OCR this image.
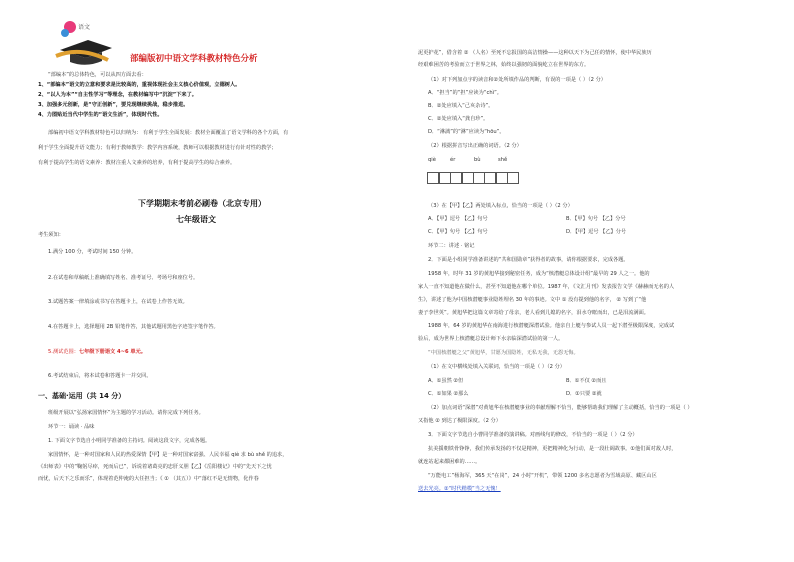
语文
部编版初中语文学科教材特色分析
“部编本”的总体特色，可以从四方面去看：
1、“部编本”语文的立意和要求是比较高的，重视体现社会主义核心价值观，立德树人。
2、“以人为本”“自主性学习”等理念，在教材编写中“沉淀”下来了。
3、加强多元创新，是“守正创新”，要兑现继续挑战，稳步推进。
4、力图贴近当代中学生的“语文生活”，体现时代性。
部编初中语文学科教材特色可以归纳为： 有利于学生全面发展：教材全面覆盖了语文学科的各个方面，有
利于学生全面提升语文能力；有利于教师教学：教学内容系统，教师可以根据教材进行有针对性的教学；
有利于提高学生的语文素养：教材注重人文素养的培养，有利于提高学生的综合素养。
下学期期末考前必刷卷（北京专用）
七年级语文
考生须知：
1.满分 100 分，考试时间 150 分钟。
2.在试卷和草稿纸上准确填写姓名、准考证号、考场号和座位号。
3.试题答案一律填涂或书写在答题卡上，在试卷上作答无效。
4.在答题卡上，选择题用 2B 铅笔作答，其他试题用黑色字迹签字笔作答。
5.测试范围：七年级下册语文 4~6 单元。
6.考试结束后，将本试卷和答题卡一并交回。
一、基础·运用（共 14 分）
班级开展以“弘扬家国情怀”为主题的学习活动。请你完成下列任务。
环节一：诵读 · 品味
1. 下面文字节选自小明同学准备的主持词。阅读这段文字，完成各题。
家国情怀，是一种对国家和人民的热爱深情【甲】是一种对国家富强、人民幸福 qiè 求 bù shě 的追求，
《出师表》中的“鞠躬尽瘁，死而后已”，诉说着诸葛亮的忠肝义胆【乙】《岳阳楼记》中的“先天下之忧
而忧，后天下之乐而乐”，体现着范仲淹的大任担当；《 ① （其五）》中“落红不是无情物，化作春
泥更护花”，借含着 ② （人名）至死不忘报国的高洁情操——这种以天下为己任的情怀，使中华民族历
经艰难困苦的考验而立于世界之林，始终以强韧的面貌屹立在世界的东方。
（1）对下列加点字的读音和②处所填作品的判断，有误的一项是（ ）（2 分）
A．“担当”的“担”应读为“chì”。
B．②处应填入“己亥杂诗”。
C．②处应填入“龚自珍”。
D．“淋漓”的“淋”应读为“hōu”。
（2）根据拼音写出正确的词语。（2 分）
qiè	ér	bù	shě
（3）在【甲】【乙】两处填入标点，恰当的一项是（ ）（2 分）
A．【甲】逗号 【乙】句号	B．【甲】句号 【乙】分号
C．【甲】句号 【乙】句号	D．【甲】逗号 【乙】分号
环节二：讲述 · 铭记
2．下面是小组同学准备讲述的“共和国勋章”获得者的故事，请你根据要求，完成各题。
1958 年，时年 31 岁的黄旭华接到秘密任务，成为“核潜艇总体设计组”最早的 29 人之一。他的
家人一直不知道他在做什么，甚至不知道他在哪个单位。1987 年，《文汇月刊》发表报告文学《赫赫而无名的人
生》，讲述了他为中国核潜艇事业隐姓埋名 30 年的事迹。文中 ① 没有提到他的名字， ② 写到了“他
妻子李世英”。黄旭华把这篇文章寄给了母亲，老人看到儿媳的名字，泪水夺眶而出，已是泪流满面。
1988 年，64 岁的黄旭华在南海进行核潜艇深潜试验。他亲自上艇与参试人员一起下潜至极限深度，完成试
验后，成为世界上核潜艇总设计师下水亲临深潜试验的第一人。
“中国核潜艇之父”黄旭华，甘愿为国隐姓，无私无我，无怨无悔。
（1）在文中横线处填入关联词，恰当的一项是（ ）（2 分）
A．①虽然 ②但	B．①不仅 ②而且
C．①如果 ②那么	D．①只要 ②就
（2）加点词语“深潜”对黄旭华在核潜艇事业的奉献理解不恰当，能够帮助我们理解了主动概括，恰当的一项是（ ）
又指他 ② 到达了极限深度。（2 分）
3．下面文字节选自小曹同学准备的演讲稿。对画线句的修改，不恰当的一项是（ ）（2 分）
抗美援朝铁骨铮铮，我们传承发扬的不仅是精神，更把精神化为行动，是一段壮阔故事。①他们面对敌人时，
就连站起来都困难的……。
“万能电工”杨海军，365 天“在岗”，24 小时“开机”，带领 1200 多名志愿者为雪域高原、藏区山区
送去光亮。②“时代楷模”当之无愧！
